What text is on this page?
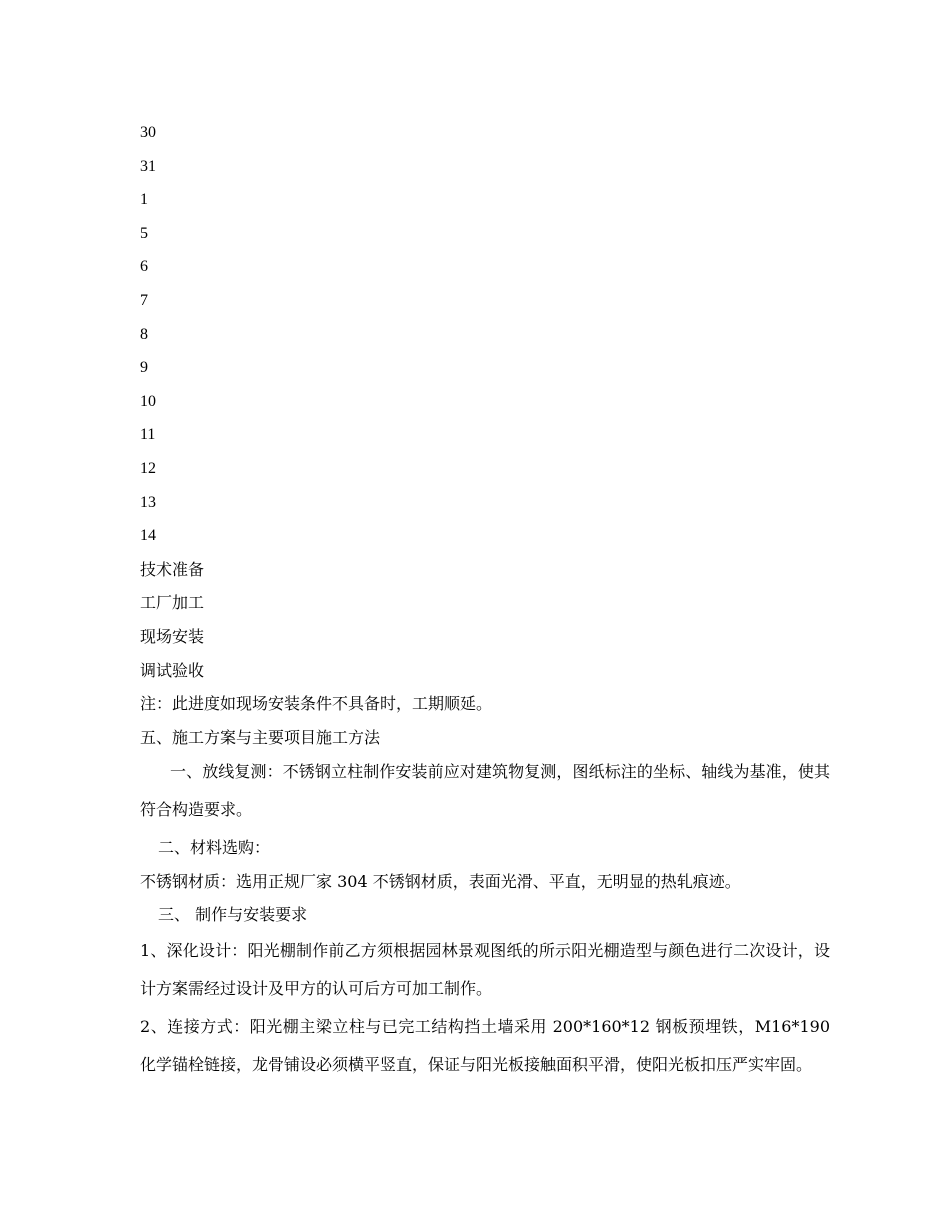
30
31
1
5
6
7
8
9
10
11
12
13
14
技术准备
工厂加工
现场安装
调试验收
注：此进度如现场安装条件不具备时，工期顺延。
五、施工方案与主要项目施工方法
一、放线复测：不锈钢立柱制作安装前应对建筑物复测，图纸标注的坐标、轴线为基准，使其符合构造要求。
二、材料选购：
不锈钢材质：选用正规厂家 304 不锈钢材质，表面光滑、平直，无明显的热轧痕迹。
三、 制作与安装要求
1、深化设计：阳光棚制作前乙方须根据园林景观图纸的所示阳光棚造型与颜色进行二次设计，设计方案需经过设计及甲方的认可后方可加工制作。
2、连接方式：阳光棚主梁立柱与已完工结构挡土墙采用 200*160*12 钢板预埋铁，M16*190 化学锚栓链接，龙骨铺设必须横平竖直，保证与阳光板接触面积平滑，使阳光板扣压严实牢固。
